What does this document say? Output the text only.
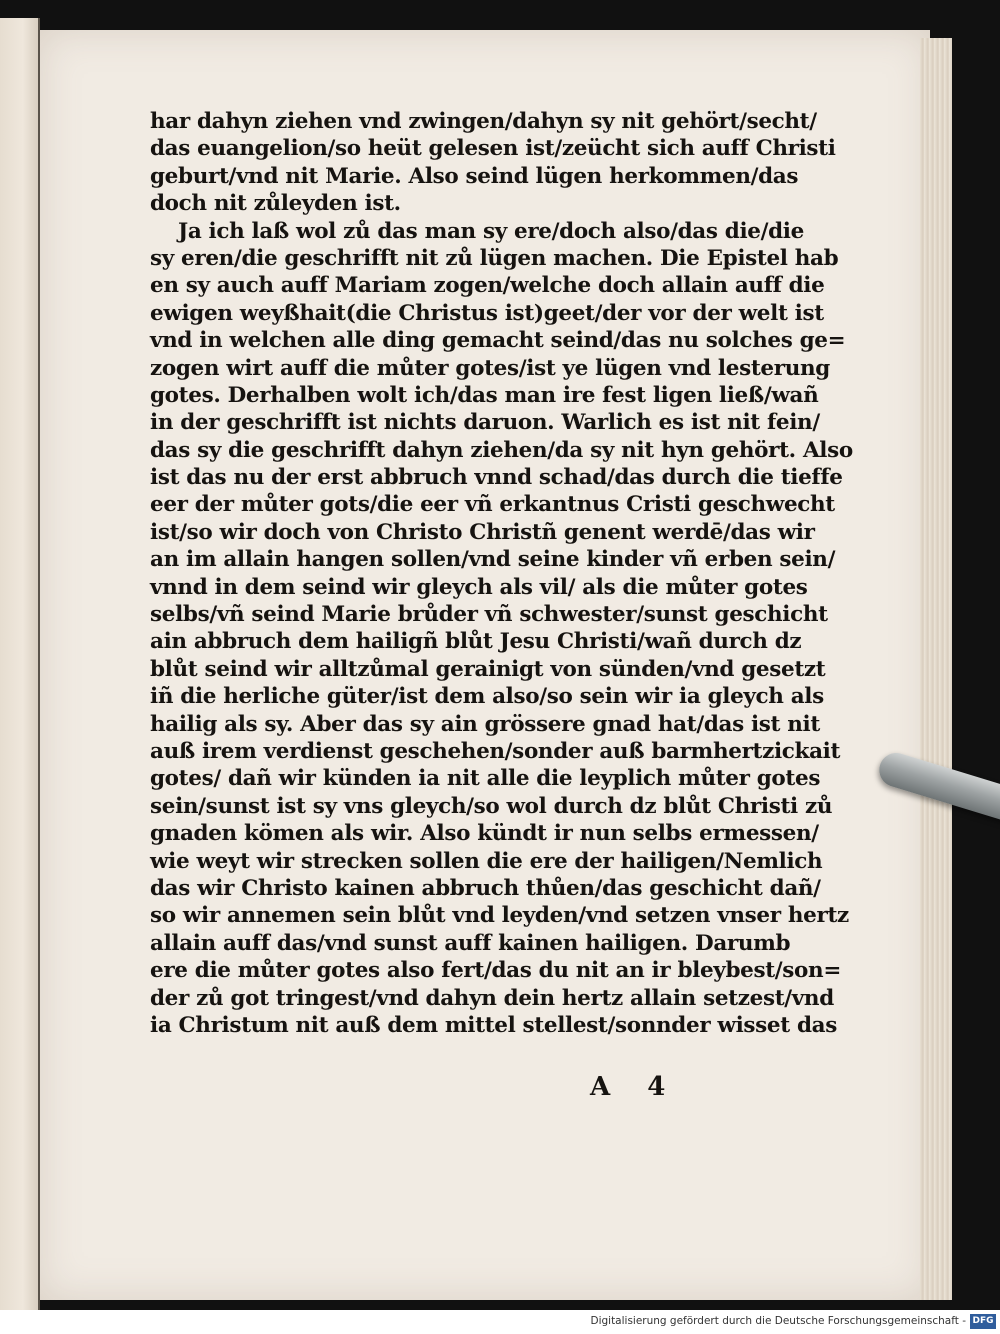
har dahyn ziehen vnd zwingen/dahyn sy nit gehört/secht/
das euangelion/so heüt gelesen ist/zeücht sich auff Christi
geburt/vnd nit Marie. Also seind lügen herkommen/das
doch nit zůleyden ist.
Ja ich laß wol zů das man sy ere/doch also/das die/die
sy eren/die geschrifft nit zů lügen machen. Die Epistel hab
en sy auch auff Mariam zogen/welche doch allain auff die
ewigen weyßhait(die Christus ist)geet/der vor der welt ist
vnd in welchen alle ding gemacht seind/das nu solches ge=
zogen wirt auff die můter gotes/ist ye lügen vnd lesterung
gotes. Derhalben wolt ich/das man ire fest ligen ließ/wañ
in der geschrifft ist nichts daruon. Warlich es ist nit fein/
das sy die geschrifft dahyn ziehen/da sy nit hyn gehört. Also
ist das nu der erst abbruch vnnd schad/das durch die tieffe
eer der můter gots/die eer vñ erkantnus Cristi geschwecht
ist/so wir doch von Christo Christñ genent werdē/das wir
an im allain hangen sollen/vnd seine kinder vñ erben sein/
vnnd in dem seind wir gleych als vil/ als die můter gotes
selbs/vñ seind Marie brůder vñ schwester/sunst geschicht
ain abbruch dem hailigñ blůt Jesu Christi/wañ durch dz
blůt seind wir alltzůmal gerainigt von sünden/vnd gesetzt
iñ die herliche güter/ist dem also/so sein wir ia gleych als
hailig als sy. Aber das sy ain grössere gnad hat/das ist nit
auß irem verdienst geschehen/sonder auß barmhertzickait
gotes/ dañ wir künden ia nit alle die leyplich můter gotes
sein/sunst ist sy vns gleych/so wol durch dz blůt Christi zů
gnaden kömen als wir. Also kündt ir nun selbs ermessen/
wie weyt wir strecken sollen die ere der hailigen/Nemlich
das wir Christo kainen abbruch thůen/das geschicht dañ/
so wir annemen sein blůt vnd leyden/vnd setzen vnser hertz
allain auff das/vnd sunst auff kainen hailigen. Darumb
ere die můter gotes also fert/das du nit an ir bleybest/son=
der zů got tringest/vnd dahyn dein hertz allain setzest/vnd
ia Christum nit auß dem mittel stellest/sonnder wisset das
A 4
Digitalisierung gefördert durch die Deutsche Forschungsgemeinschaft - DFG
